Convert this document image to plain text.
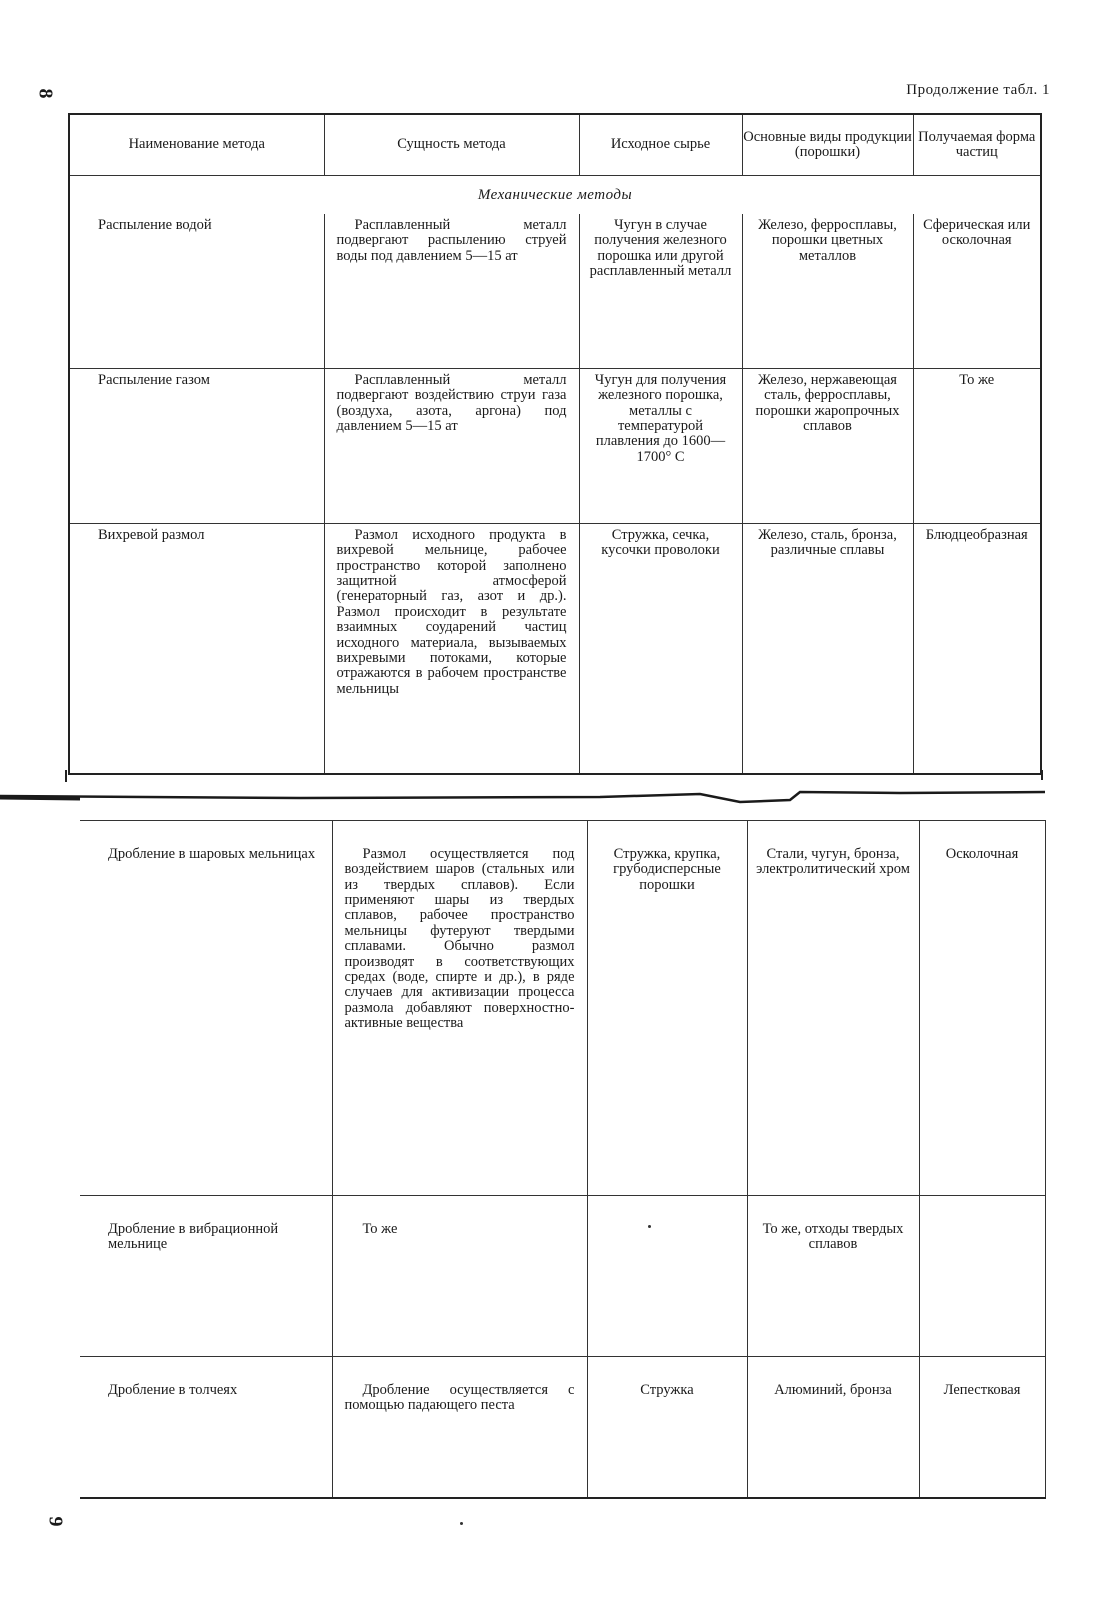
8	Продолжение табл. 1
Наименование метода	Сущность метода	Исходное сырье	Основные виды продукции (порошки)	Получаемая форма частиц
Механические методы				
Распыление водой	Расплавленный металл подвергают распылению струей воды под давлением 5—15 ат	Чугун в случае получения железного порошка или другой расплавленный металл	Железо, ферросплавы, порошки цветных металлов	Сферическая или осколочная
Распыление газом	Расплавленный металл подвергают воздействию струи газа (воздуха, азота, аргона) под давлением 5—15 ат	Чугун для получения железного порошка, металлы с температурой плавления до 1600—1700° С	Железо, нержавеющая сталь, ферросплавы, порошки жаропрочных сплавов	То же
Вихревой размол	Размол исходного продукта в вихревой мельнице, рабочее пространство которой заполнено защитной атмосферой (генераторный газ, азот и др.). Размол происходит в результате взаимных соударений частиц исходного материала, вызываемых вихревыми потоками, которые отражаются в рабочем пространстве мельницы	Стружка, сечка, кусочки проволоки	Железо, сталь, бронза, различные сплавы	Блюдцеобразная
Дробление в шаровых мельницах	Размол осуществляется под воздействием шаров (стальных или из твердых сплавов). Если применяют шары из твердых сплавов, рабочее пространство мельницы футеруют твердыми сплавами. Обычно размол производят в соответствующих средах (воде, спирте и др.), в ряде случаев для активизации процесса размола добавляют поверхностно-активные вещества	Стружка, крупка, грубодисперсные порошки	Стали, чугун, бронза, электролитический хром	Осколочная
Дробление в вибрационной мельнице	То же		То же, отходы твердых сплавов	
Дробление в толчеях	Дробление осуществляется с помощью падающего песта	Стружка	Алюминий, бронза	Лепестковая
9
